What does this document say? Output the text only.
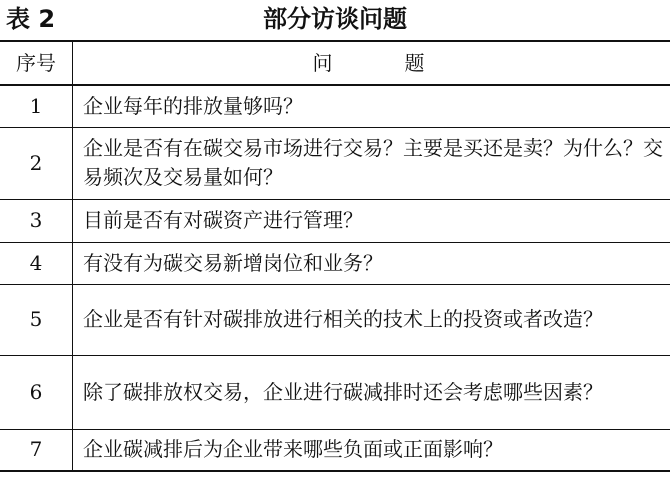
表 2	部分访谈问题
序号	问题
1	企业每年的排放量够吗？
2	企业是否有在碳交易市场进行交易？主要是买还是卖？为什么？交易频次及交易量如何？
3	目前是否有对碳资产进行管理？
4	有没有为碳交易新增岗位和业务？
5	企业是否有针对碳排放进行相关的技术上的投资或者改造？
6	除了碳排放权交易，企业进行碳减排时还会考虑哪些因素？
7	企业碳减排后为企业带来哪些负面或正面影响？
